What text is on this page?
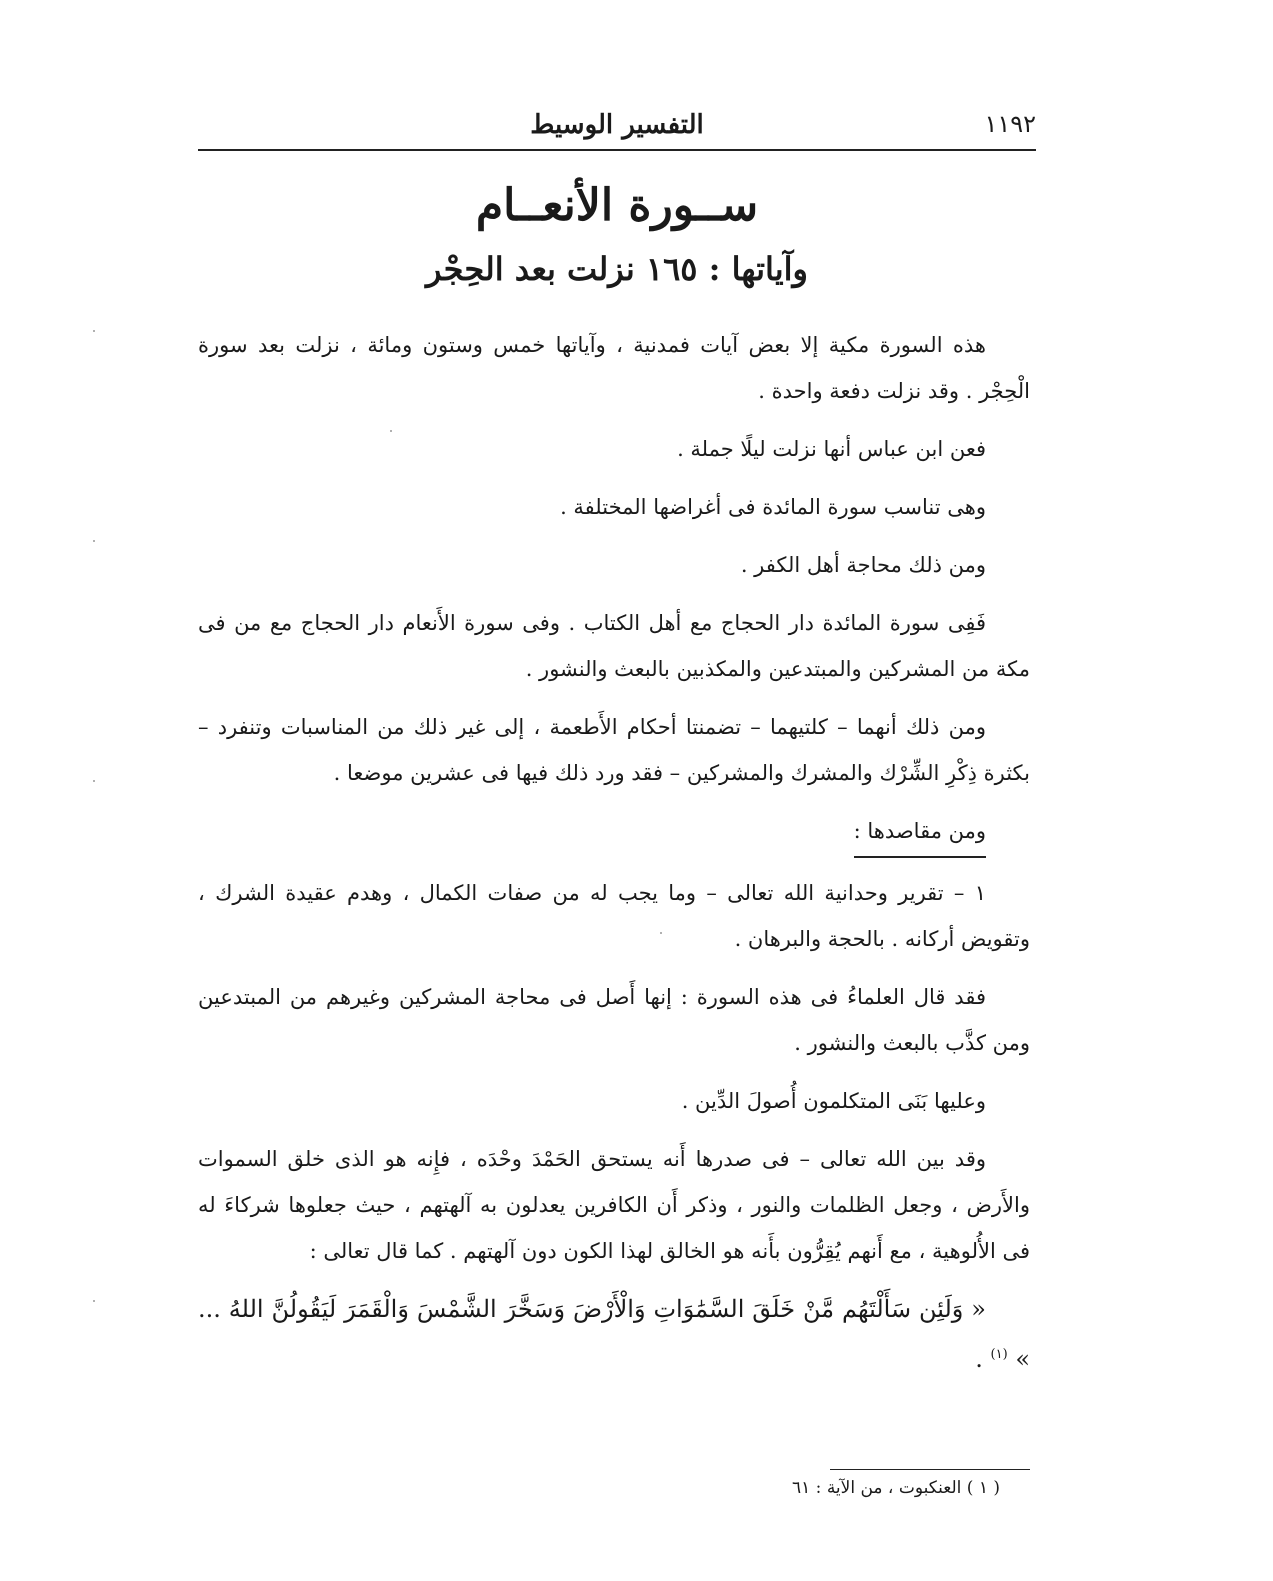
١١٩٢
التفسير الوسيط
ســورة الأنعــام
وآياتها : ١٦٥ نزلت بعد الحِجْر

هذه السورة مكية إلا بعض آيات فمدنية ، وآياتها خمس وستون ومائة ، نزلت بعد سورة الْحِجْر . وقد نزلت دفعة واحدة .

فعن ابن عباس أنها نزلت ليلًا جملة .

وهى تناسب سورة المائدة فى أغراضها المختلفة .

ومن ذلك محاجة أهل الكفر .

فَفِى سورة المائدة دار الحجاج مع أهل الكتاب . وفى سورة الأَنعام دار الحجاج مع من فى مكة من المشركين والمبتدعين والمكذبين بالبعث والنشور .

ومن ذلك أنهما – كلتيهما – تضمنتا أحكام الأَطعمة ، إلى غير ذلك من المناسبات وتنفرد – بكثرة ذِكْرِ الشِّرْك والمشرك والمشركين – فقد ورد ذلك فيها فى عشرين موضعا .

ومن مقاصدها :

١ – تقرير وحدانية الله تعالى – وما يجب له من صفات الكمال ، وهدم عقيدة الشرك ، وتقويض أركانه . بالحجة والبرهان .

فقد قال العلماءُ فى هذه السورة : إنها أَصل فى محاجة المشركين وغيرهم من المبتدعين ومن كذَّب بالبعث والنشور .

وعليها بَنَى المتكلمون أُصولَ الدِّين .

وقد بين الله تعالى – فى صدرها أَنه يستحق الحَمْدَ وحْدَه ، فإِنه هو الذى خلق السموات والأَرض ، وجعل الظلمات والنور ، وذكر أَن الكافرين يعدلون به آلهتهم ، حيث جعلوها شركاءَ له فى الأُلوهية ، مع أَنهم يُقِرُّون بأَنه هو الخالق لهذا الكون دون آلهتهم . كما قال تعالى :

« وَلَئِن سَأَلْتَهُم مَّنْ خَلَقَ السَّمَٰوَاتِ وَالْأَرْضَ وَسَخَّرَ الشَّمْسَ وَالْقَمَرَ لَيَقُولُنَّ اللهُ ... » $^{(١)}$ .

( ١ ) العنكبوت ، من الآية : ٦١
